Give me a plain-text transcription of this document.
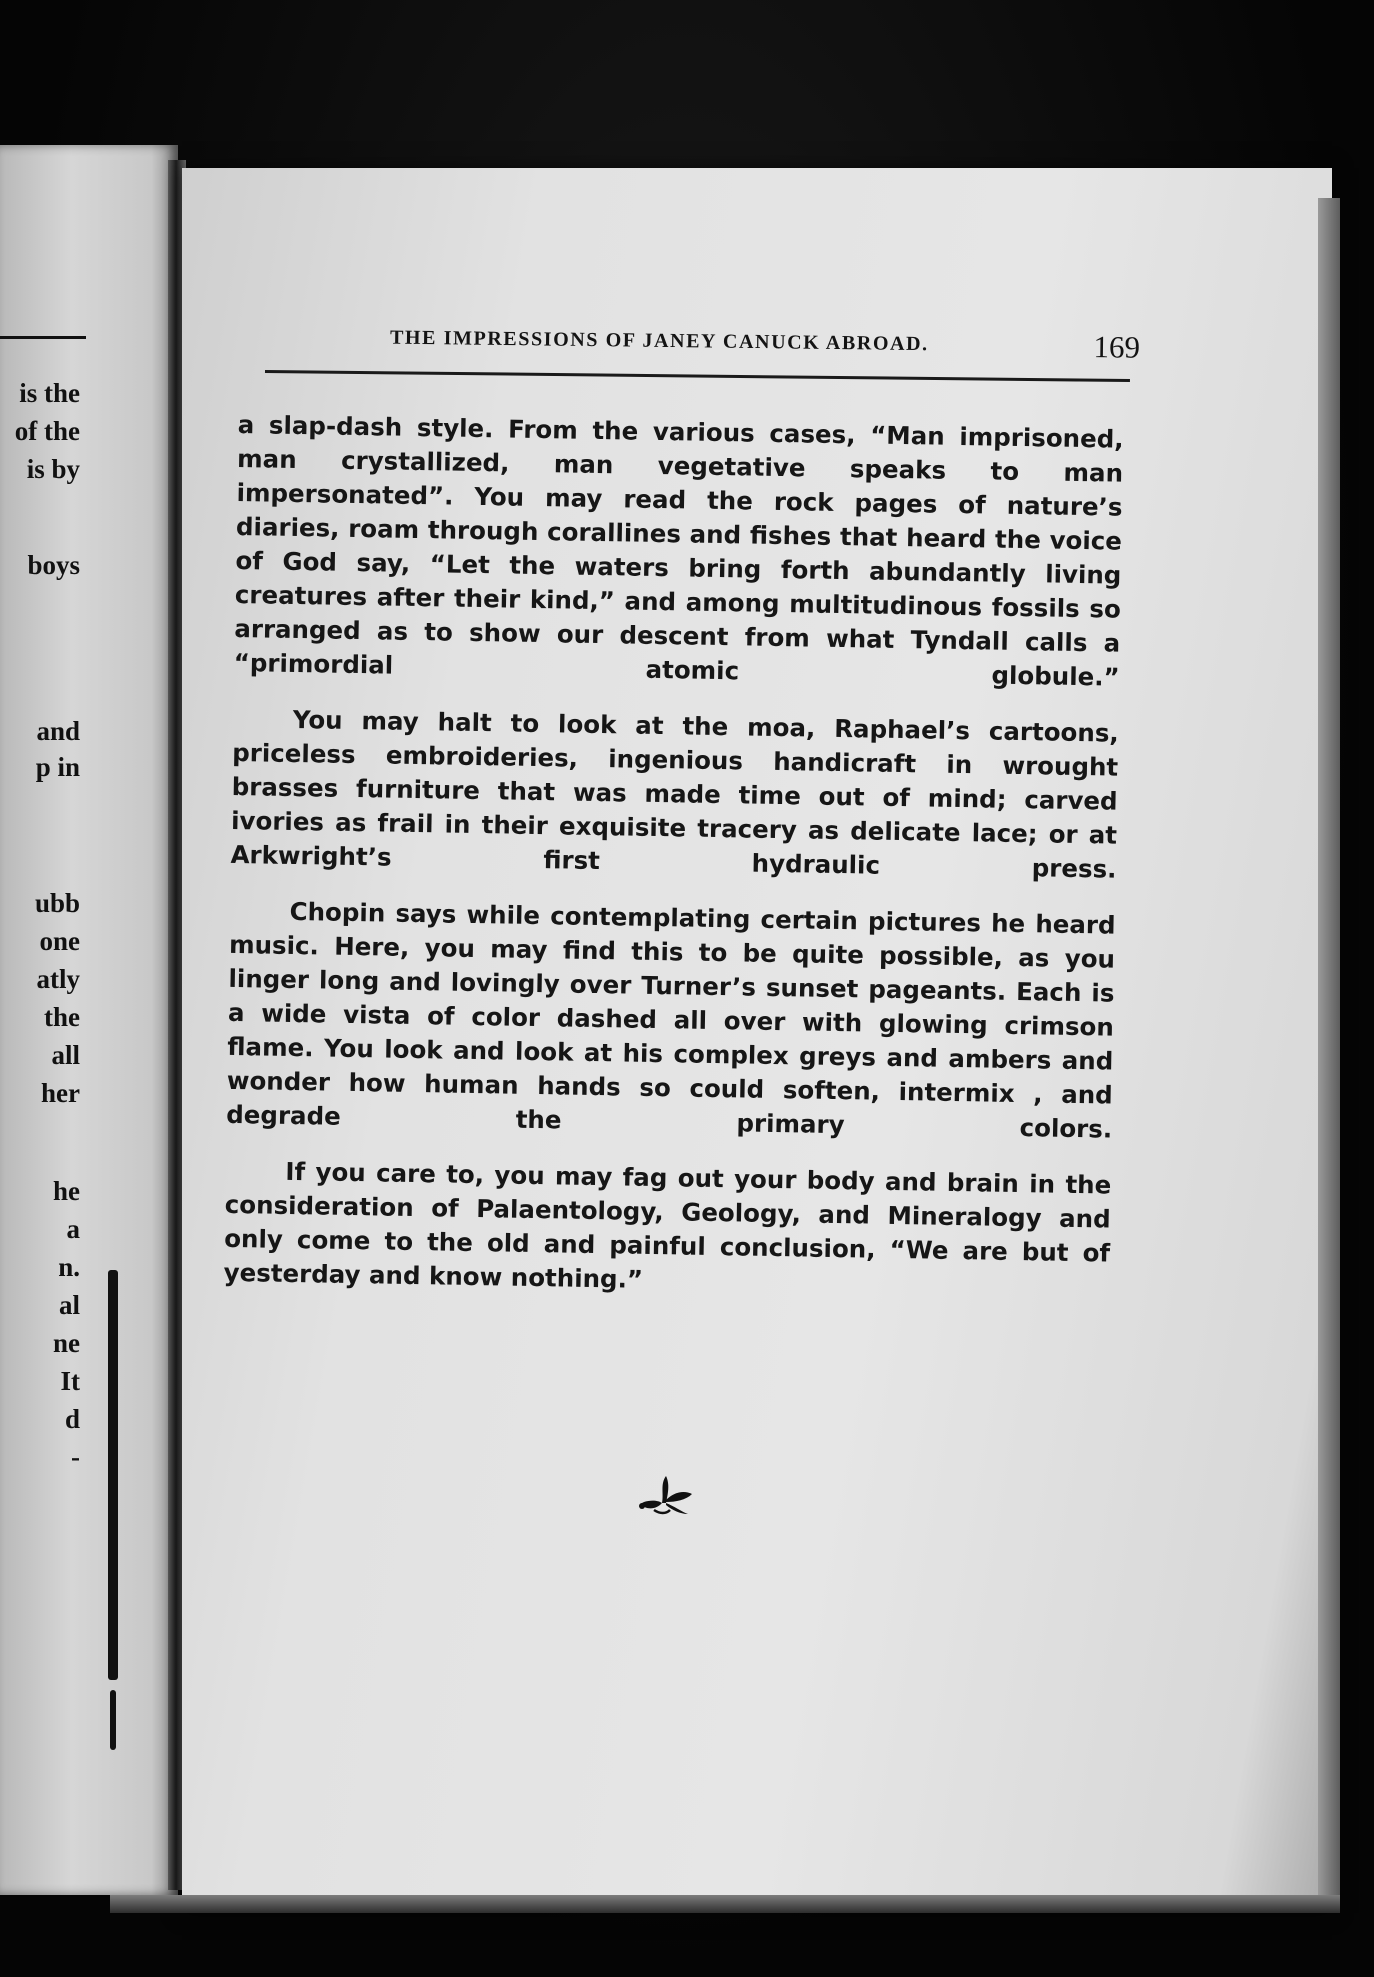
is the
of the
is by
boys
and
p in
ubb
one
atly
the
all
her
he
a
n.
al
ne
It
d
-
THE IMPRESSIONS OF JANEY CANUCK ABROAD.	169

a slap-dash style. From the various cases, “Man imprisoned, man crystallized, man vegetative speaks to man impersonated”. You may read the rock pages of nature’s diaries, roam through corallines and fishes that heard the voice of God say, “Let the waters bring forth abundantly living creatures after their kind,” and among multitudinous fossils so arranged as to show our descent from what Tyndall calls a “primordial atomic globule.”

You may halt to look at the moa, Raphael’s cartoons, priceless embroideries, ingenious handicraft in wrought brasses furniture that was made time out of mind; carved ivories as frail in their exquisite tracery as delicate lace; or at Arkwright’s first hydraulic press.

Chopin says while contemplating certain pictures he heard music. Here, you may find this to be quite possible, as you linger long and lovingly over Turner’s sunset pageants. Each is a wide vista of color dashed all over with glowing crimson flame. You look and look at his complex greys and ambers and wonder how human hands so could soften, intermix , and degrade the primary colors.

If you care to, you may fag out your body and brain in the consideration of Palaentology, Geology, and Mineralogy and only come to the old and painful conclusion, “We are but of yesterday and know nothing.”
